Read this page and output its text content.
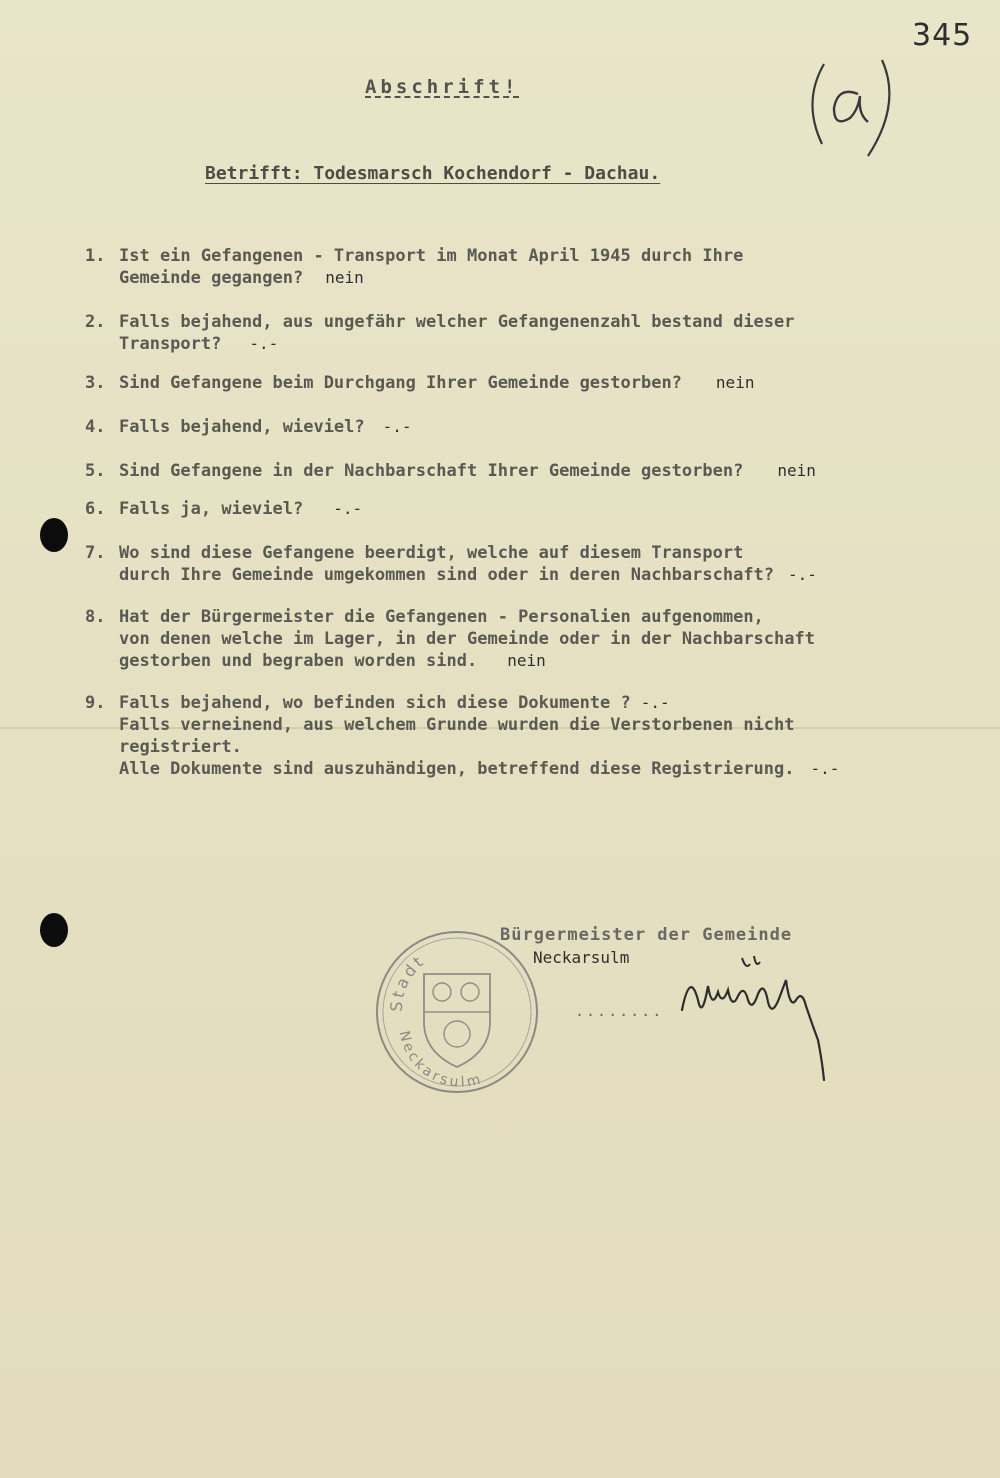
345
Abschrift!
Betrifft: Todesmarsch Kochendorf - Dachau.
1. Ist ein Gefangenen - Transport im Monat April 1945 durch Ihre
Gemeinde gegangen? nein
2. Falls bejahend, aus ungefähr welcher Gefangenenzahl bestand dieser
Transport? -.-
3. Sind Gefangene beim Durchgang Ihrer Gemeinde gestorben? nein
4. Falls bejahend, wieviel? -.-
5. Sind Gefangene in der Nachbarschaft Ihrer Gemeinde gestorben? nein
6. Falls ja, wieviel? -.-
7. Wo sind diese Gefangene beerdigt, welche auf diesem Transport
durch Ihre Gemeinde umgekommen sind oder in deren Nachbarschaft? -.-
8. Hat der Bürgermeister die Gefangenen - Personalien aufgenommen,
von denen welche im Lager, in der Gemeinde oder in der Nachbarschaft
gestorben und begraben worden sind. nein
9. Falls bejahend, wo befinden sich diese Dokumente ? -.-
Falls verneinend, aus welchem Grunde wurden die Verstorbenen nicht
registriert.
Alle Dokumente sind auszuhändigen, betreffend diese Registrierung. -.-
Stadt
Neckarsulm
Bürgermeister der Gemeinde
Neckarsulm
........
